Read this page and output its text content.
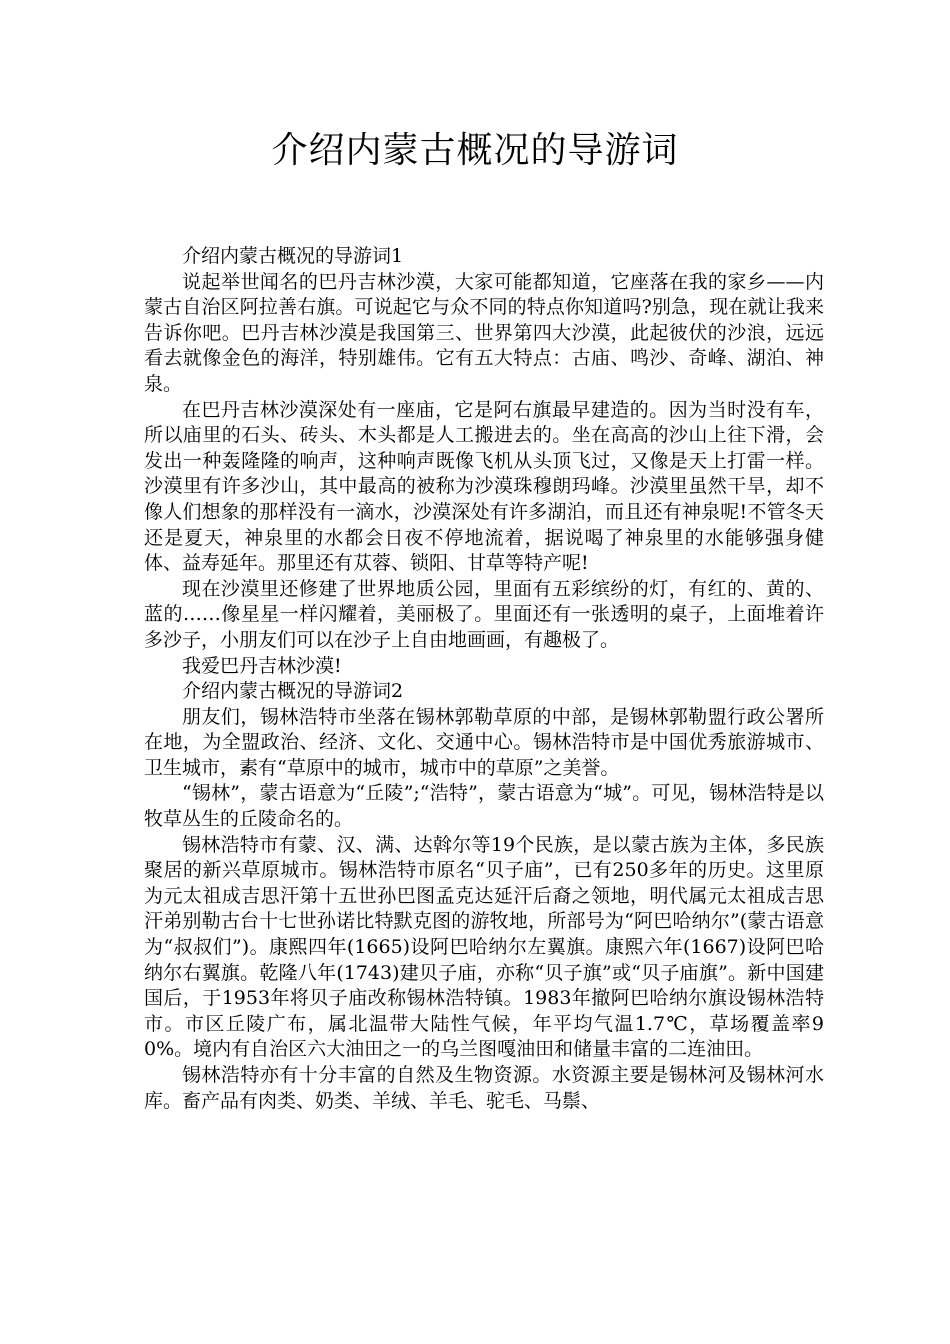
介绍内蒙古概况的导游词

介绍内蒙古概况的导游词1

说起举世闻名的巴丹吉林沙漠，大家可能都知道，它座落在我的家乡——内蒙古自治区阿拉善右旗。可说起它与众不同的特点你知道吗?别急，现在就让我来告诉你吧。巴丹吉林沙漠是我国第三、世界第四大沙漠，此起彼伏的沙浪，远远看去就像金色的海洋，特别雄伟。它有五大特点：古庙、鸣沙、奇峰、湖泊、神泉。

在巴丹吉林沙漠深处有一座庙，它是阿右旗最早建造的。因为当时没有车，所以庙里的石头、砖头、木头都是人工搬进去的。坐在高高的沙山上往下滑，会发出一种轰隆隆的响声，这种响声既像飞机从头顶飞过，又像是天上打雷一样。沙漠里有许多沙山，其中最高的被称为沙漠珠穆朗玛峰。沙漠里虽然干旱，却不像人们想象的那样没有一滴水，沙漠深处有许多湖泊，而且还有神泉呢!不管冬天还是夏天，神泉里的水都会日夜不停地流着，据说喝了神泉里的水能够强身健体、益寿延年。那里还有苁蓉、锁阳、甘草等特产呢!

现在沙漠里还修建了世界地质公园，里面有五彩缤纷的灯，有红的、黄的、蓝的……像星星一样闪耀着，美丽极了。里面还有一张透明的桌子，上面堆着许多沙子，小朋友们可以在沙子上自由地画画，有趣极了。

我爱巴丹吉林沙漠!

介绍内蒙古概况的导游词2

朋友们，锡林浩特市坐落在锡林郭勒草原的中部，是锡林郭勒盟行政公署所在地，为全盟政治、经济、文化、交通中心。锡林浩特市是中国优秀旅游城市、卫生城市，素有“草原中的城市，城市中的草原”之美誉。

“锡林”，蒙古语意为“丘陵”;“浩特”，蒙古语意为“城”。可见，锡林浩特是以牧草丛生的丘陵命名的。

锡林浩特市有蒙、汉、满、达斡尔等19个民族，是以蒙古族为主体，多民族聚居的新兴草原城市。锡林浩特市原名“贝子庙”，已有250多年的历史。这里原为元太祖成吉思汗第十五世孙巴图孟克达延汗后裔之领地，明代属元太祖成吉思汗弟别勒古台十七世孙诺比特默克图的游牧地，所部号为“阿巴哈纳尔”(蒙古语意为“叔叔们”)。康熙四年(1665)设阿巴哈纳尔左翼旗。康熙六年(1667)设阿巴哈纳尔右翼旗。乾隆八年(1743)建贝子庙，亦称“贝子旗”或“贝子庙旗”。新中国建国后，于1953年将贝子庙改称锡林浩特镇。1983年撤阿巴哈纳尔旗设锡林浩特市。市区丘陵广布，属北温带大陆性气候，年平均气温1.7℃，草场覆盖率90%。境内有自治区六大油田之一的乌兰图嘎油田和储量丰富的二连油田。

锡林浩特亦有十分丰富的自然及生物资源。水资源主要是锡林河及锡林河水库。畜产品有肉类、奶类、羊绒、羊毛、驼毛、马鬃、
